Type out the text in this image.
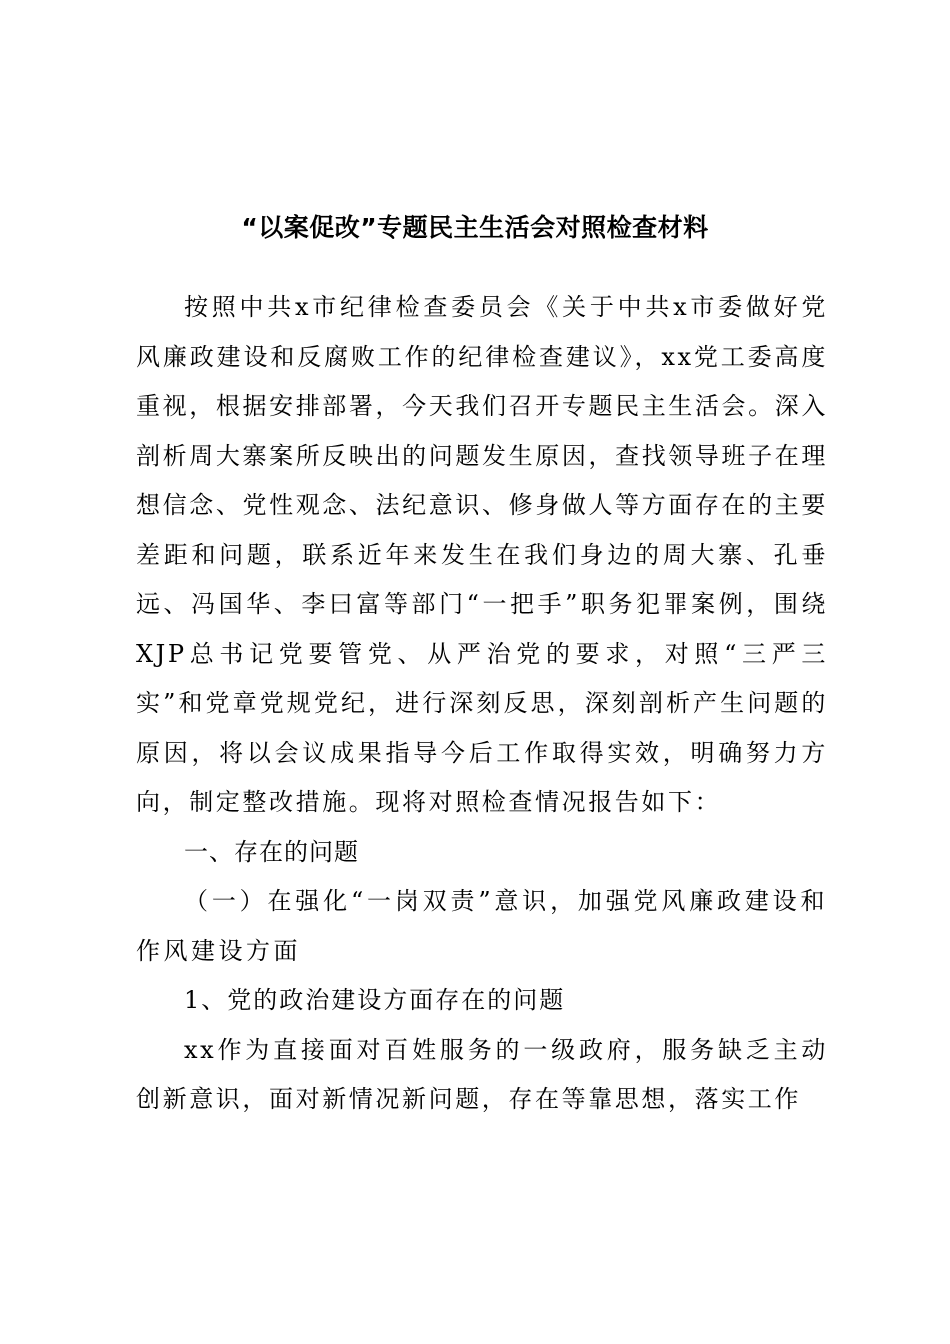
“以案促改”专题民主生活会对照检查材料

按照中共x市纪律检查委员会《关于中共x市委做好党风廉政建设和反腐败工作的纪律检查建议》，xx党工委高度重视，根据安排部署，今天我们召开专题民主生活会。深入剖析周大寨案所反映出的问题发生原因，查找领导班子在理想信念、党性观念、法纪意识、修身做人等方面存在的主要差距和问题，联系近年来发生在我们身边的周大寨、孔垂远、冯国华、李曰富等部门“一把手”职务犯罪案例，围绕XJP总书记党要管党、从严治党的要求，对照“三严三实”和党章党规党纪，进行深刻反思，深刻剖析产生问题的原因，将以会议成果指导今后工作取得实效，明确努力方向，制定整改措施。现将对照检查情况报告如下：

一、存在的问题

（一）在强化“一岗双责”意识，加强党风廉政建设和作风建设方面

1、党的政治建设方面存在的问题

xx作为直接面对百姓服务的一级政府，服务缺乏主动创新意识，面对新情况新问题，存在等靠思想，落实工作
